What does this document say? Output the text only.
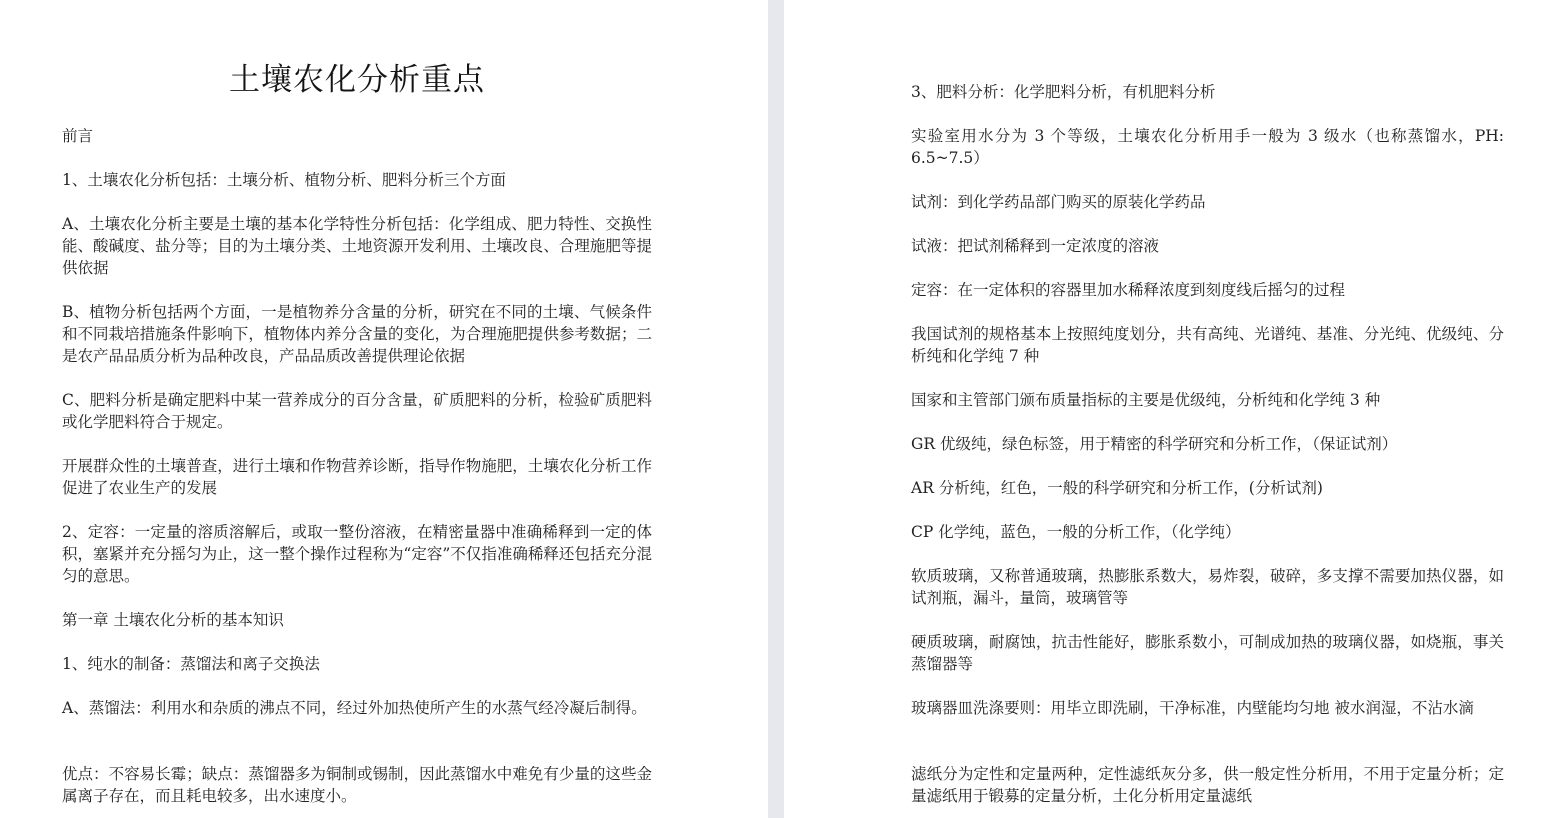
土壤农化分析重点

前言

1、土壤农化分析包括：土壤分析、植物分析、肥料分析三个方面

A、土壤农化分析主要是土壤的基本化学特性分析包括：化学组成、肥力特性、交换性能、酸碱度、盐分等；目的为土壤分类、土地资源开发利用、土壤改良、合理施肥等提供依据

B、植物分析包括两个方面，一是植物养分含量的分析，研究在不同的土壤、气候条件和不同栽培措施条件影响下，植物体内养分含量的变化，为合理施肥提供参考数据；二是农产品品质分析为品种改良，产品品质改善提供理论依据

C、肥料分析是确定肥料中某一营养成分的百分含量，矿质肥料的分析，检验矿质肥料或化学肥料符合于规定。

开展群众性的土壤普查，进行土壤和作物营养诊断，指导作物施肥，土壤农化分析工作促进了农业生产的发展

2、定容：一定量的溶质溶解后，或取一整份溶液，在精密量器中准确稀释到一定的体积，塞紧并充分摇匀为止，这一整个操作过程称为“定容”不仅指准确稀释还包括充分混匀的意思。

第一章 土壤农化分析的基本知识

1、纯水的制备：蒸馏法和离子交换法

A、蒸馏法：利用水和杂质的沸点不同，经过外加热使所产生的水蒸气经冷凝后制得。

优点：不容易长霉；缺点：蒸馏器多为铜制或锡制，因此蒸馏水中难免有少量的这些金属离子存在，而且耗电较多，出水速度小。

3、肥料分析：化学肥料分析，有机肥料分析

实验室用水分为 3 个等级，土壤农化分析用手一般为 3 级水（也称蒸馏水，PH: 6.5~7.5）

试剂：到化学药品部门购买的原装化学药品

试液：把试剂稀释到一定浓度的溶液

定容：在一定体积的容器里加水稀释浓度到刻度线后摇匀的过程

我国试剂的规格基本上按照纯度划分，共有高纯、光谱纯、基准、分光纯、优级纯、分析纯和化学纯 7 种

国家和主管部门颁布质量指标的主要是优级纯，分析纯和化学纯 3 种

GR 优级纯，绿色标签，用于精密的科学研究和分析工作，（保证试剂）

AR 分析纯，红色，一般的科学研究和分析工作，(分析试剂)

CP 化学纯，蓝色，一般的分析工作，（化学纯）

软质玻璃，又称普通玻璃，热膨胀系数大，易炸裂，破碎，多支撑不需要加热仪器，如试剂瓶，漏斗，量筒，玻璃管等

硬质玻璃，耐腐蚀，抗击性能好，膨胀系数小，可制成加热的玻璃仪器，如烧瓶，事关蒸馏器等

玻璃器皿洗涤要则：用毕立即洗刷，干净标准，内壁能均匀地 被水润湿，不沾水滴

滤纸分为定性和定量两种，定性滤纸灰分多，供一般定性分析用，不用于定量分析；定量滤纸用于锻募的定量分析，土化分析用定量滤纸
